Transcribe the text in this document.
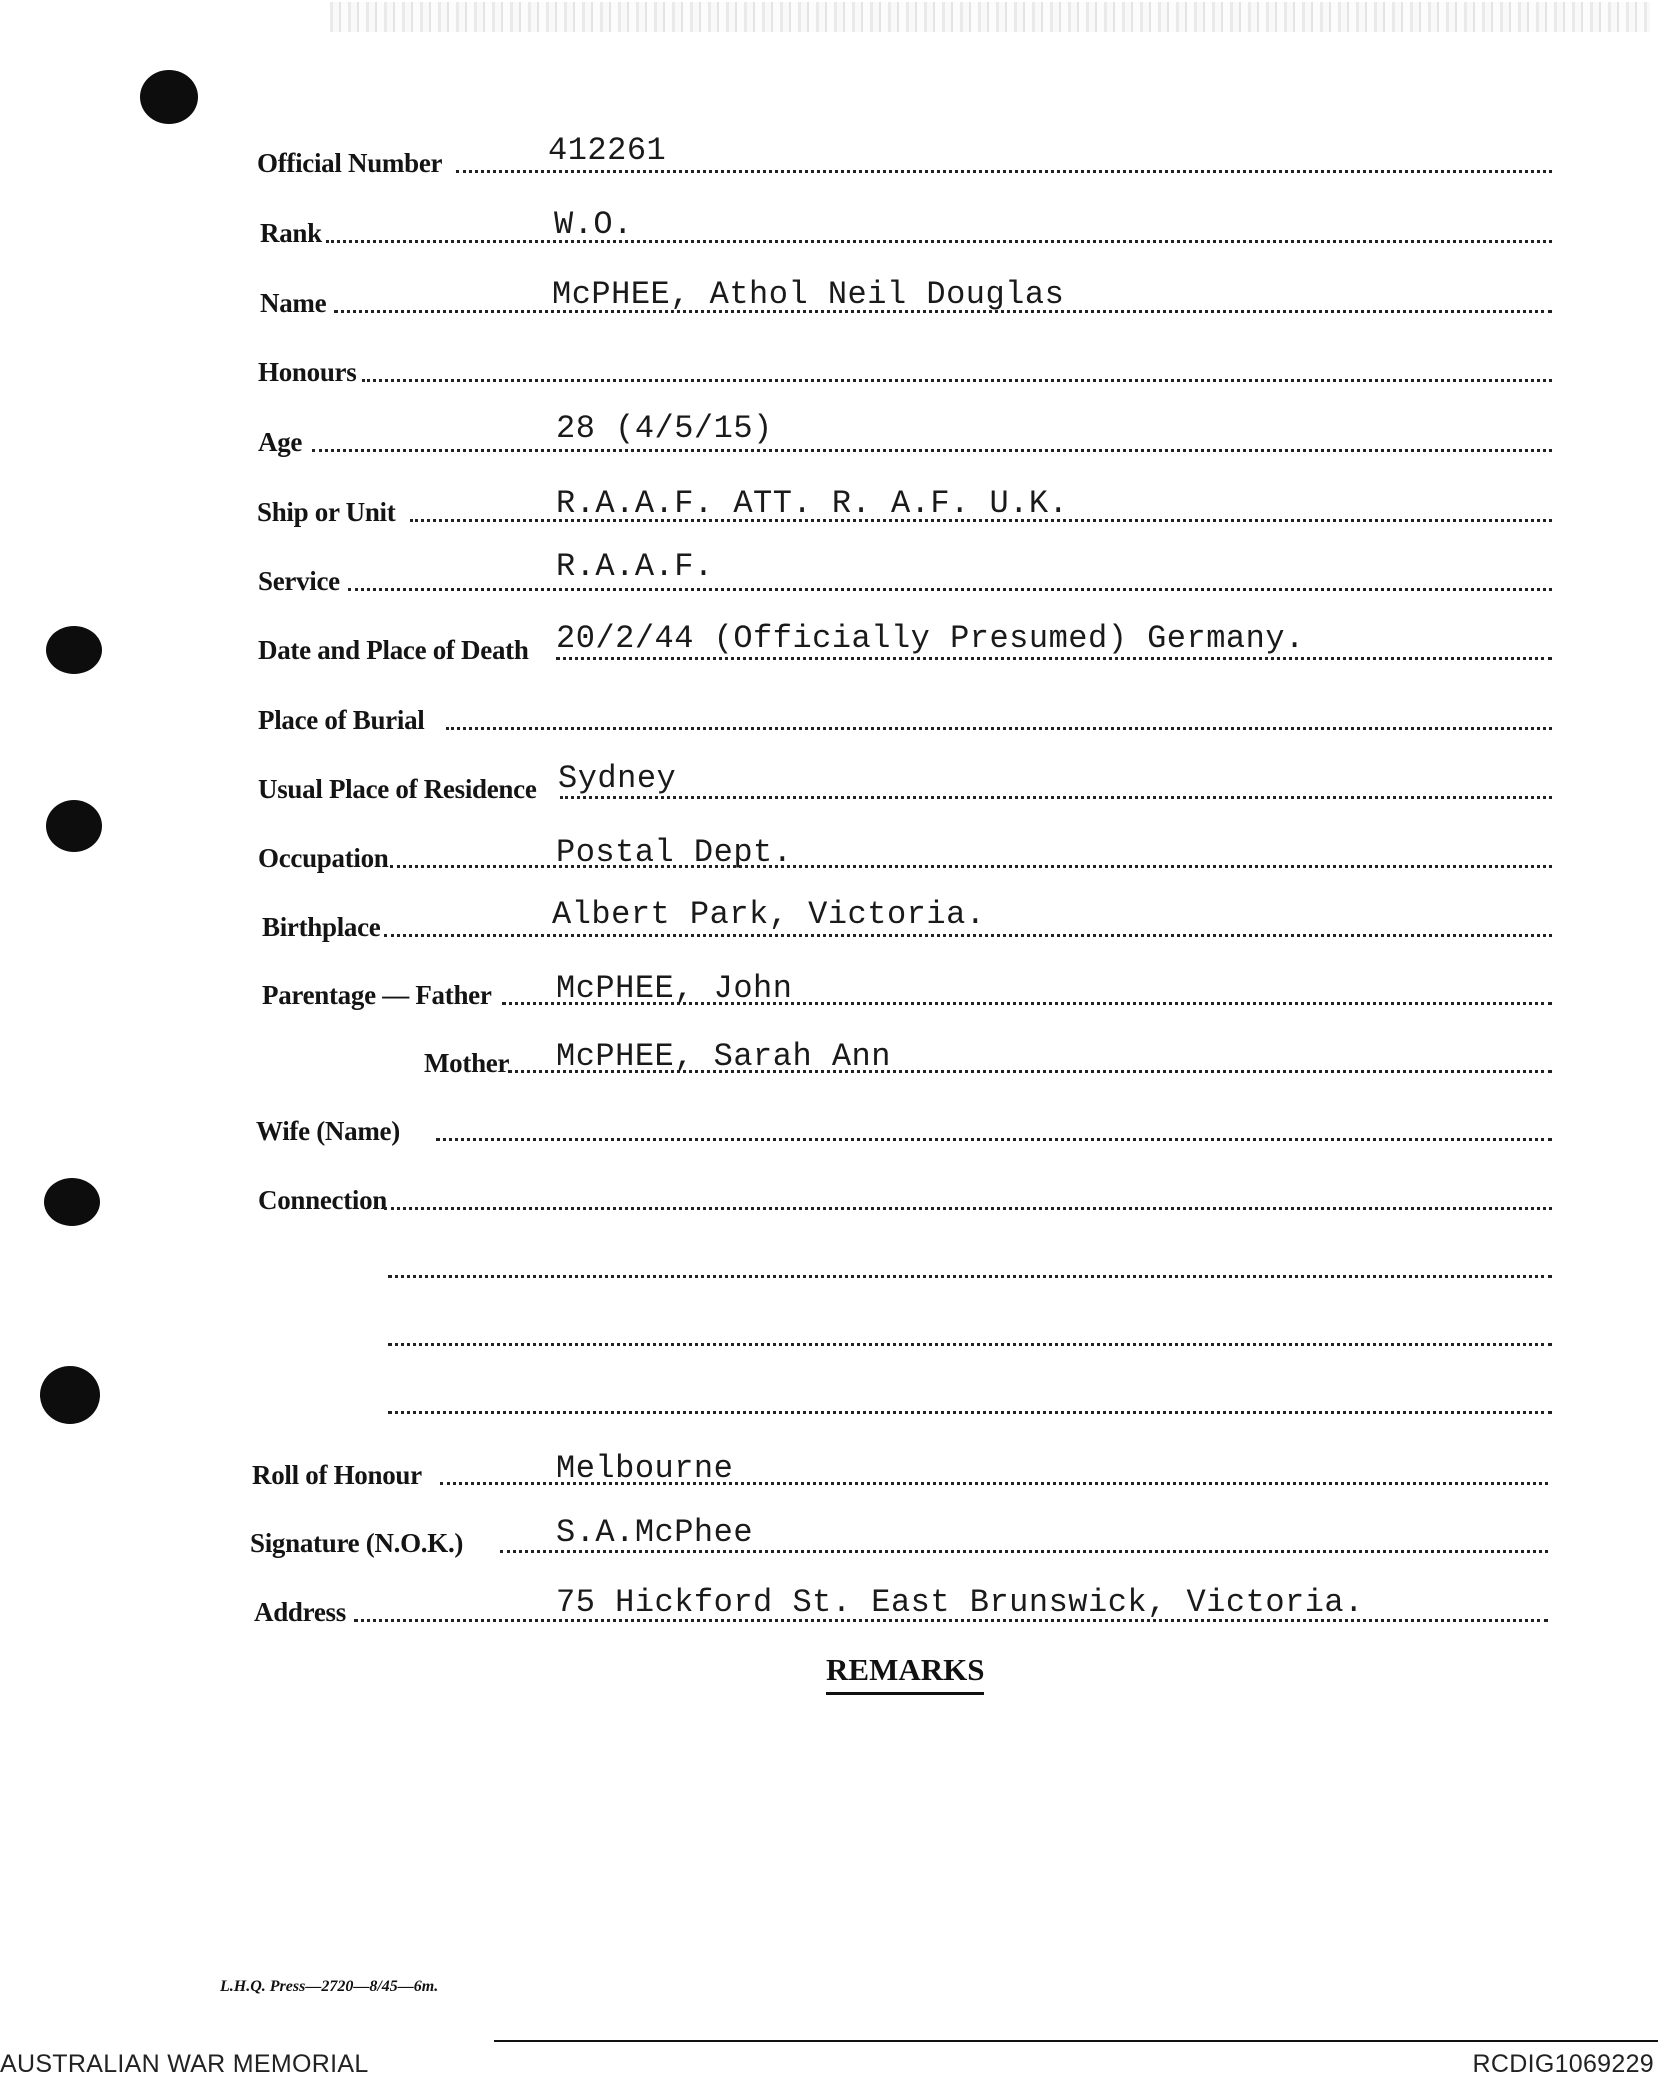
Official Number	412261
Rank	W.O.
Name	McPHEE, Athol Neil Douglas
Honours
Age	28 (4/5/15)
Ship or Unit	R.A.A.F. ATT. R. A.F. U.K.
Service	R.A.A.F.
Date and Place of Death 20/2/44 (Officially Presumed) Germany.
Place of Burial
Usual Place of Residence Sydney
Occupation	Postal Dept.
Birthplace	Albert Park, Victoria.
Parentage — Father McPHEE, John
Mother McPHEE, Sarah Ann
Wife (Name)
Connection
Roll of Honour	Melbourne
Signature (N.O.K.)	S.A.McPhee
Address	75 Hickford St. East Brunswick, Victoria.
REMARKS
L.H.Q. Press—2720—8/45—6m.
AUSTRALIAN WAR MEMORIAL	RCDIG1069229
